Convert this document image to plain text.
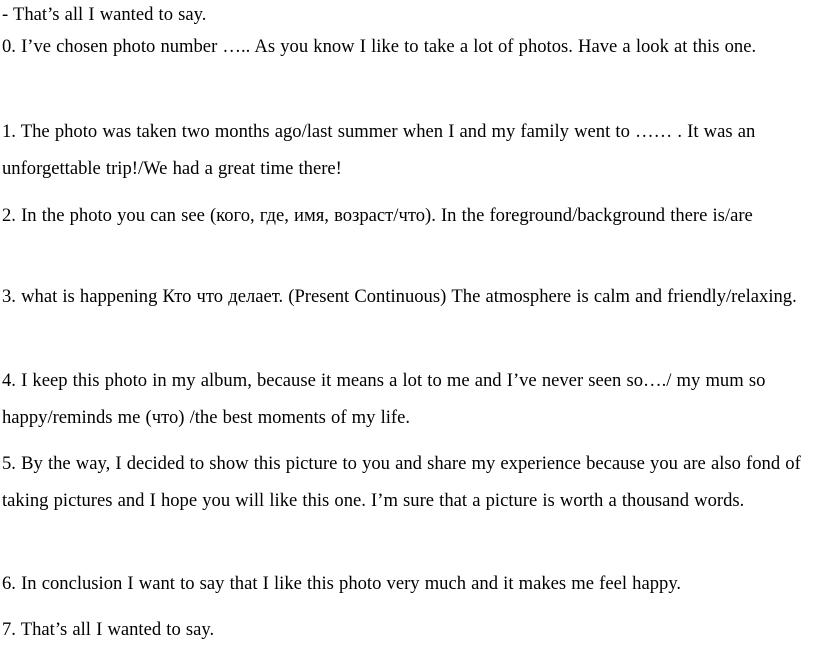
- That’s all I wanted to say.
0. I’ve chosen photo number ….. As you know I like to take a lot of photos. Have a look at this one.
1. The photo was taken two months ago/last summer when I and my family went to …… . It was an unforgettable trip!/We had a great time there!
2. In the photo you can see (кого, где, имя, возраст/что). In the foreground/background there is/are
3. what is happening Кто что делает. (Present Continuous) The atmosphere is calm and friendly/relaxing.
4. I keep this photo in my album, because it means a lot to me and I’ve never seen so…./ my mum so happy/reminds me (что) /the best moments of my life.
5. By the way, I decided to show this picture to you and share my experience because you are also fond of taking pictures and I hope you will like this one. I’m sure that a picture is worth a thousand words.
6. In conclusion I want to say that I like this photo very much and it makes me feel happy.
7. That’s all I wanted to say.
